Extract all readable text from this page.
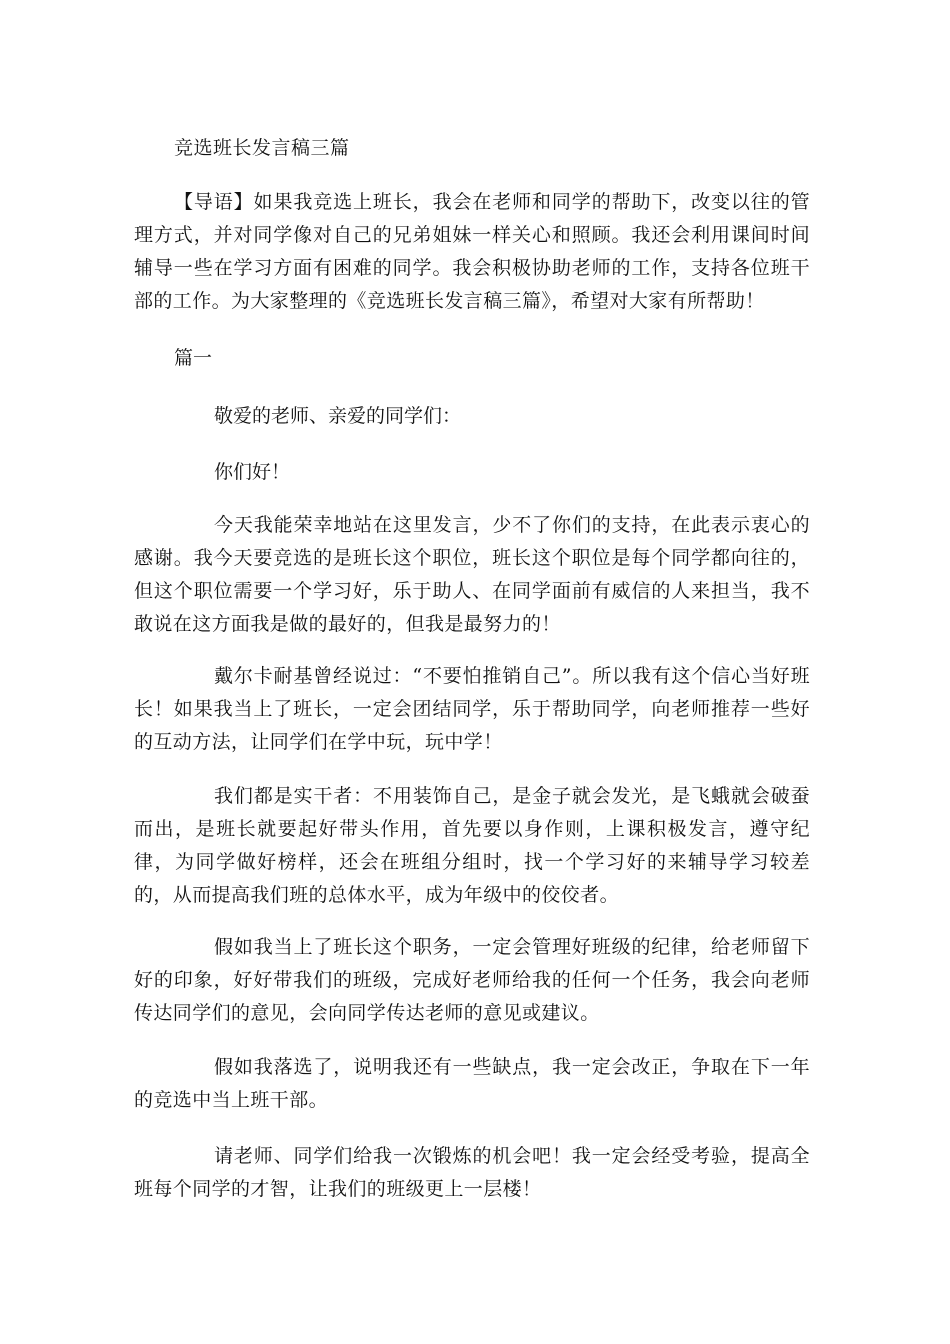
竞选班长发言稿三篇
【导语】如果我竞选上班长，我会在老师和同学的帮助下，改变以往的管理方式，并对同学像对自己的兄弟姐妹一样关心和照顾。我还会利用课间时间辅导一些在学习方面有困难的同学。我会积极协助老师的工作，支持各位班干部的工作。为大家整理的《竞选班长发言稿三篇》，希望对大家有所帮助！
篇一
敬爱的老师、亲爱的同学们：
你们好！
今天我能荣幸地站在这里发言，少不了你们的支持，在此表示衷心的感谢。我今天要竞选的是班长这个职位，班长这个职位是每个同学都向往的，但这个职位需要一个学习好，乐于助人、在同学面前有威信的人来担当，我不敢说在这方面我是做的最好的，但我是最努力的！
戴尔卡耐基曾经说过：“不要怕推销自己”。所以我有这个信心当好班长！如果我当上了班长，一定会团结同学，乐于帮助同学，向老师推荐一些好的互动方法，让同学们在学中玩，玩中学！
我们都是实干者：不用装饰自己，是金子就会发光，是飞蛾就会破蚕而出，是班长就要起好带头作用，首先要以身作则，上课积极发言，遵守纪律，为同学做好榜样，还会在班组分组时，找一个学习好的来辅导学习较差的，从而提高我们班的总体水平，成为年级中的佼佼者。
假如我当上了班长这个职务，一定会管理好班级的纪律，给老师留下好的印象，好好带我们的班级，完成好老师给我的任何一个任务，我会向老师传达同学们的意见，会向同学传达老师的意见或建议。
假如我落选了，说明我还有一些缺点，我一定会改正，争取在下一年的竞选中当上班干部。
请老师、同学们给我一次锻炼的机会吧！我一定会经受考验，提高全班每个同学的才智，让我们的班级更上一层楼！
